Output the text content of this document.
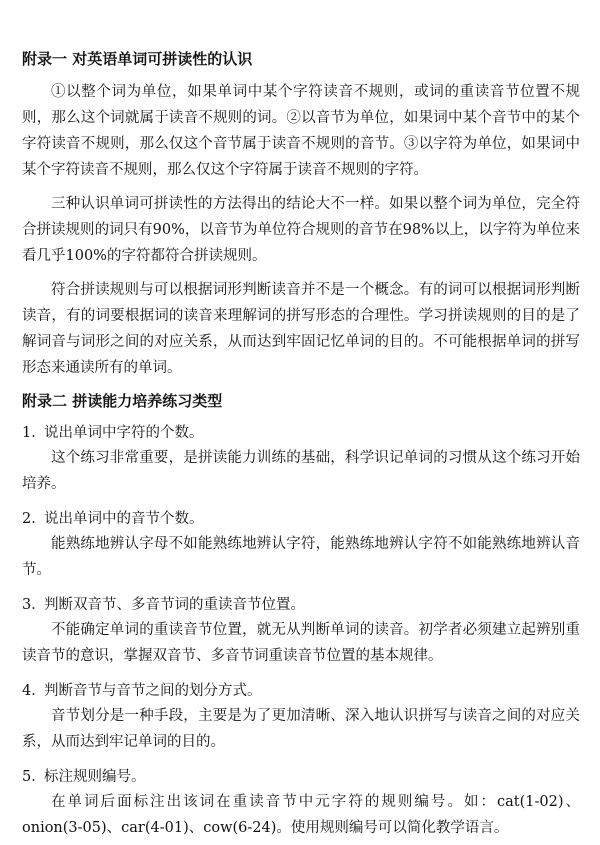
附录一 对英语单词可拼读性的认识

①以整个词为单位，如果单词中某个字符读音不规则，或词的重读音节位置不规则，那么这个词就属于读音不规则的词。②以音节为单位，如果词中某个音节中的某个字符读音不规则，那么仅这个音节属于读音不规则的音节。③以字符为单位，如果词中某个字符读音不规则，那么仅这个字符属于读音不规则的字符。

三种认识单词可拼读性的方法得出的结论大不一样。如果以整个词为单位，完全符合拼读规则的词只有90%，以音节为单位符合规则的音节在98%以上，以字符为单位来看几乎100%的字符都符合拼读规则。

符合拼读规则与可以根据词形判断读音并不是一个概念。有的词可以根据词形判断读音，有的词要根据词的读音来理解词的拼写形态的合理性。学习拼读规则的目的是了解词音与词形之间的对应关系，从而达到牢固记忆单词的目的。不可能根据单词的拼写形态来通读所有的单词。

附录二 拼读能力培养练习类型

1．说出单词中字符的个数。

这个练习非常重要，是拼读能力训练的基础，科学识记单词的习惯从这个练习开始培养。

2．说出单词中的音节个数。

能熟练地辨认字母不如能熟练地辨认字符，能熟练地辨认字符不如能熟练地辨认音节。

3．判断双音节、多音节词的重读音节位置。

不能确定单词的重读音节位置，就无从判断单词的读音。初学者必须建立起辨别重读音节的意识，掌握双音节、多音节词重读音节位置的基本规律。

4．判断音节与音节之间的划分方式。

音节划分是一种手段，主要是为了更加清晰、深入地认识拼写与读音之间的对应关系，从而达到牢记单词的目的。

5．标注规则编号。

在单词后面标注出该词在重读音节中元字符的规则编号。如：cat(1-02)、onion(3-05)、car(4-01)、cow(6-24)。使用规则编号可以简化教学语言。
